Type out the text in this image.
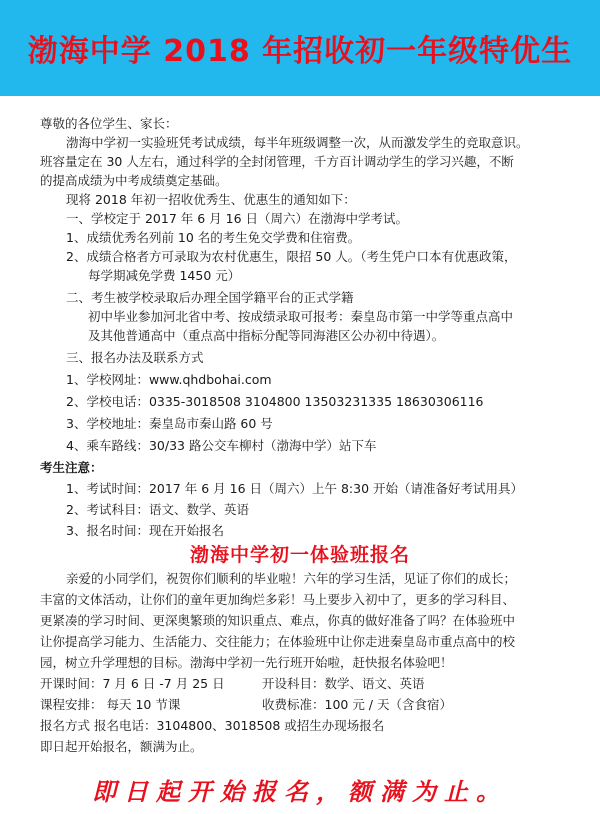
渤海中学 2018 年招收初一年级特优生
尊敬的各位学生、家长：
渤海中学初一实验班凭考试成绩，每半年班级调整一次，从而激发学生的竞取意识。
班容量定在 30 人左右，通过科学的全封闭管理，千方百计调动学生的学习兴趣，不断
的提高成绩为中考成绩奠定基础。
现将 2018 年初一招收优秀生、优惠生的通知如下：
一、学校定于 2017 年 6 月 16 日（周六）在渤海中学考试。
1、成绩优秀名列前 10 名的考生免交学费和住宿费。
2、成绩合格者方可录取为农村优惠生，限招 50 人。（考生凭户口本有优惠政策，
每学期减免学费 1450 元）
二、考生被学校录取后办理全国学籍平台的正式学籍
初中毕业参加河北省中考、按成绩录取可报考：秦皇岛市第一中学等重点高中
及其他普通高中（重点高中指标分配等同海港区公办初中待遇）。
三、报名办法及联系方式
1、学校网址：www.qhdbohai.com
2、学校电话：0335-3018508 3104800 13503231335 18630306116
3、学校地址：秦皇岛市秦山路 60 号
4、乘车路线：30/33 路公交车柳村（渤海中学）站下车
考生注意：
1、考试时间：2017 年 6 月 16 日（周六）上午 8:30 开始（请准备好考试用具）
2、考试科目：语文、数学、英语
3、报名时间：现在开始报名
渤海中学初一体验班报名
亲爱的小同学们，祝贺你们顺利的毕业啦！六年的学习生活，见证了你们的成长；
丰富的文体活动，让你们的童年更加绚烂多彩！马上要步入初中了，更多的学习科目、
更紧凑的学习时间、更深奥繁琐的知识重点、难点，你真的做好准备了吗？在体验班中
让你提高学习能力、生活能力、交往能力；在体验班中让你走进秦皇岛市重点高中的校
园，树立升学理想的目标。渤海中学初一先行班开始啦，赶快报名体验吧！
开课时间：7 月 6 日 -7 月 25 日	开设科目：数学、语文、英语
课程安排： 每天 10 节课	收费标准：100 元 / 天（含食宿）
报名方式 报名电话：3104800、3018508 或招生办现场报名
即日起开始报名，额满为止。
即日起开始报名，额满为止。
